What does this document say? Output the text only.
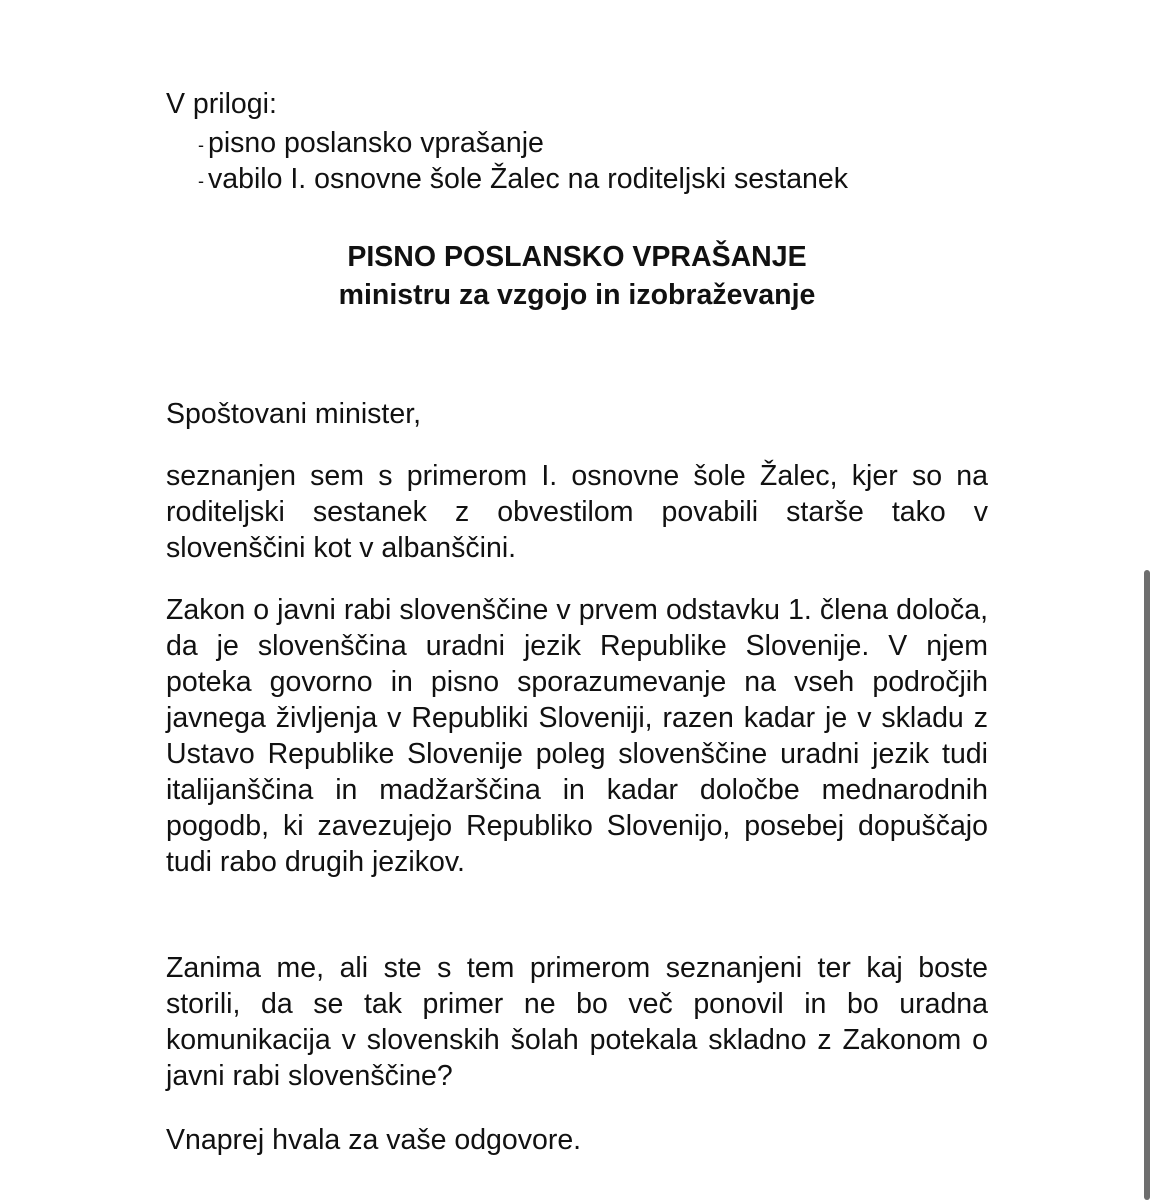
V prilogi:

- pisno poslansko vprašanje
- vabilo I. osnovne šole Žalec na roditeljski sestanek
PISNO POSLANSKO VPRAŠANJE
ministru za vzgojo in izobraževanje

Spoštovani minister,

seznanjen sem s primerom I. osnovne šole Žalec, kjer so na roditeljski sestanek z obvestilom povabili starše tako v slovenščini kot v albanščini.

Zakon o javni rabi slovenščine v prvem odstavku 1. člena določa, da je slovenščina uradni jezik Republike Slovenije. V njem poteka govorno in pisno sporazumevanje na vseh področjih javnega življenja v Republiki Sloveniji, razen kadar je v skladu z Ustavo Republike Slovenije poleg slovenščine uradni jezik tudi italijanščina in madžarščina in kadar določbe mednarodnih pogodb, ki zavezujejo Republiko Slovenijo, posebej dopuščajo tudi rabo drugih jezikov.

Zanima me, ali ste s tem primerom seznanjeni ter kaj boste storili, da se tak primer ne bo več ponovil in bo uradna komunikacija v slovenskih šolah potekala skladno z Zakonom o javni rabi slovenščine?

Vnaprej hvala za vaše odgovore.
